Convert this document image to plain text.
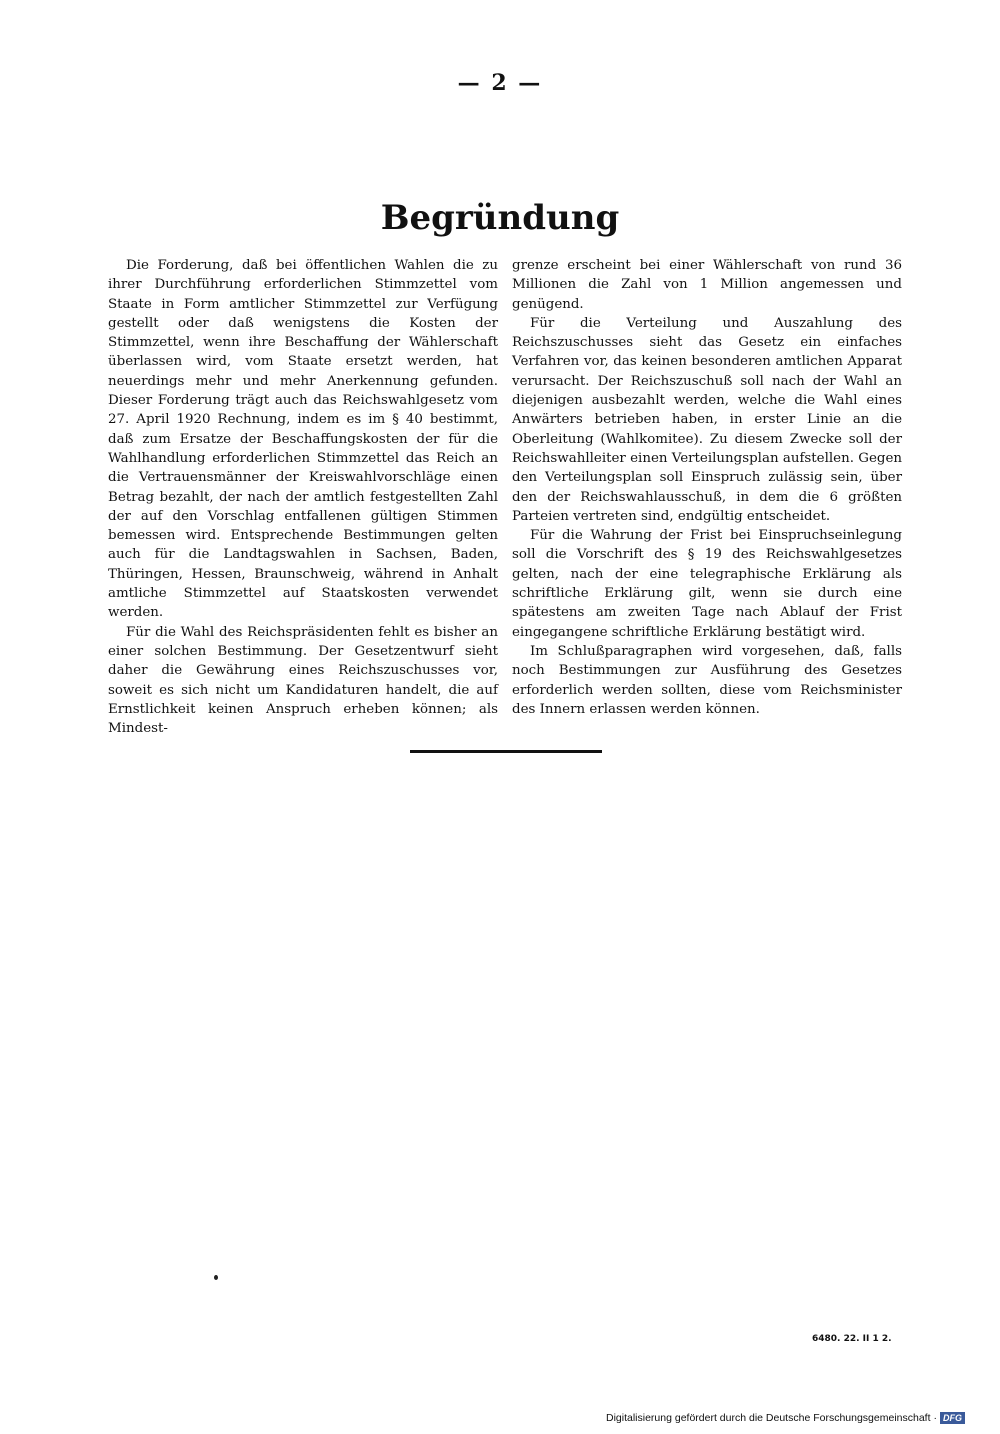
— 2 —
Begründung

Die Forderung, daß bei öffentlichen Wahlen die zu ihrer Durchführung erforderlichen Stimmzettel vom Staate in Form amtlicher Stimmzettel zur Verfügung gestellt oder daß wenigstens die Kosten der Stimmzettel, wenn ihre Beschaffung der Wählerschaft überlassen wird, vom Staate ersetzt werden, hat neuerdings mehr und mehr Anerkennung gefunden. Dieser Forderung trägt auch das Reichswahlgesetz vom 27. April 1920 Rechnung, indem es im § 40 bestimmt, daß zum Ersatze der Beschaffungskosten der für die Wahlhandlung erforderlichen Stimmzettel das Reich an die Vertrauensmänner der Kreiswahlvorschläge einen Betrag bezahlt, der nach der amtlich festgestellten Zahl der auf den Vorschlag entfallenen gültigen Stimmen bemessen wird. Entsprechende Bestimmungen gelten auch für die Landtagswahlen in Sachsen, Baden, Thüringen, Hessen, Braunschweig, während in Anhalt amtliche Stimmzettel auf Staatskosten verwendet werden.

Für die Wahl des Reichspräsidenten fehlt es bisher an einer solchen Bestimmung. Der Gesetzentwurf sieht daher die Gewährung eines Reichszuschusses vor, soweit es sich nicht um Kandidaturen handelt, die auf Ernstlichkeit keinen Anspruch erheben können; als Mindest-

grenze erscheint bei einer Wählerschaft von rund 36 Millionen die Zahl von 1 Million angemessen und genügend.

Für die Verteilung und Auszahlung des Reichszuschusses sieht das Gesetz ein einfaches Verfahren vor, das keinen besonderen amtlichen Apparat verursacht. Der Reichszuschuß soll nach der Wahl an diejenigen ausbezahlt werden, welche die Wahl eines Anwärters betrieben haben, in erster Linie an die Oberleitung (Wahlkomitee). Zu diesem Zwecke soll der Reichswahlleiter einen Verteilungsplan aufstellen. Gegen den Verteilungsplan soll Einspruch zulässig sein, über den der Reichswahlausschuß, in dem die 6 größten Parteien vertreten sind, endgültig entscheidet.

Für die Wahrung der Frist bei Einspruchseinlegung soll die Vorschrift des § 19 des Reichswahlgesetzes gelten, nach der eine telegraphische Erklärung als schriftliche Erklärung gilt, wenn sie durch eine spätestens am zweiten Tage nach Ablauf der Frist eingegangene schriftliche Erklärung bestätigt wird.

Im Schlußparagraphen wird vorgesehen, daß, falls noch Bestimmungen zur Ausführung des Gesetzes erforderlich werden sollten, diese vom Reichsminister des Innern erlassen werden können.

6480. 22. II 1 2.
Digitalisierung gefördert durch die Deutsche Forschungsgemeinschaft · DFG
